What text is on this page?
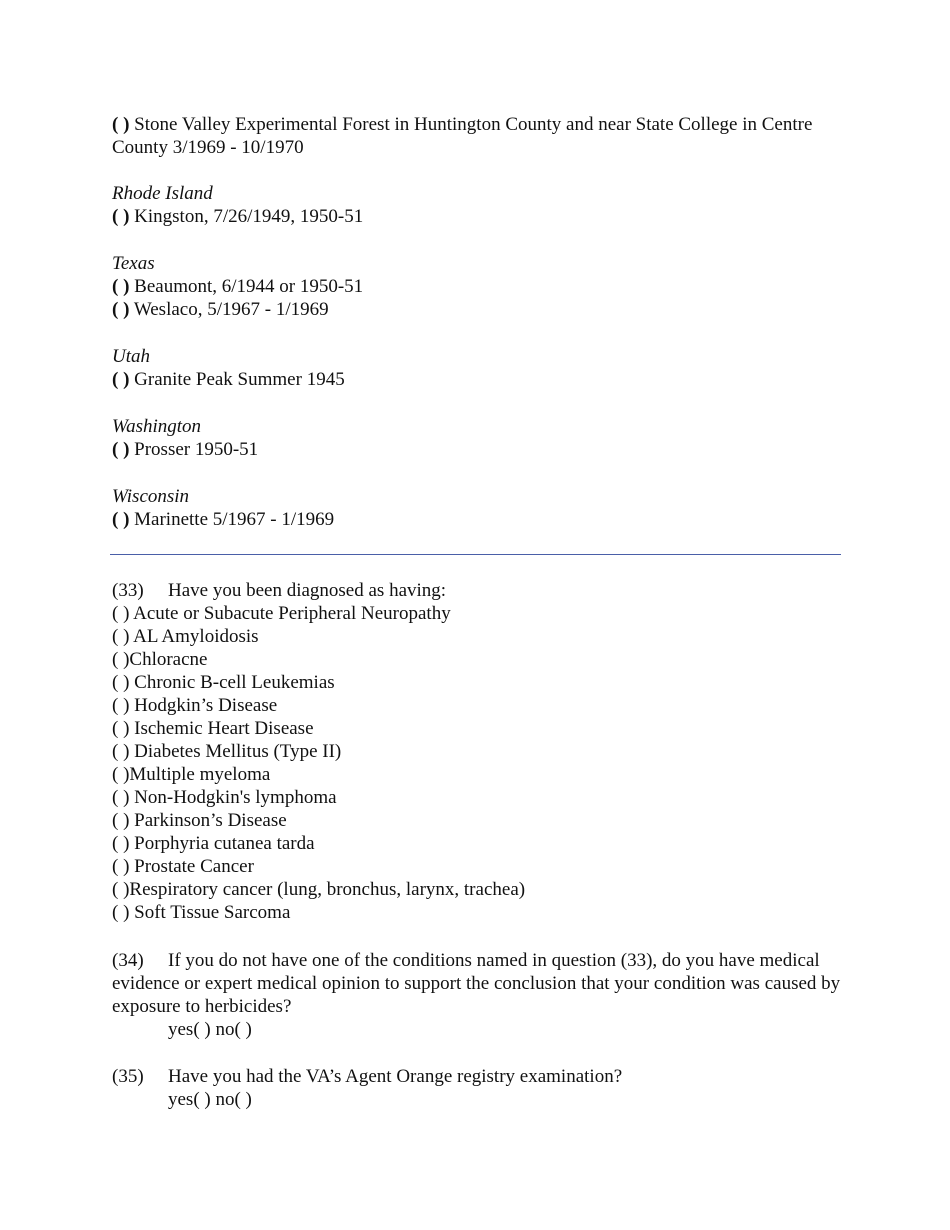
( ) Stone Valley Experimental Forest in Huntington County and near State College in Centre County 3/1969 - 10/1970
Rhode Island
( ) Kingston, 7/26/1949, 1950-51
Texas
( ) Beaumont, 6/1944 or 1950-51
( ) Weslaco, 5/1967 - 1/1969
Utah
( ) Granite Peak Summer 1945
Washington
( ) Prosser 1950-51
Wisconsin
( ) Marinette 5/1967 - 1/1969
(33) Have you been diagnosed as having:
( ) Acute or Subacute Peripheral Neuropathy
( ) AL Amyloidosis
( )Chloracne
( ) Chronic B-cell Leukemias
( ) Hodgkin’s Disease
( ) Ischemic Heart Disease
( ) Diabetes Mellitus (Type II)
( )Multiple myeloma
( ) Non-Hodgkin's lymphoma
( ) Parkinson’s Disease
( ) Porphyria cutanea tarda
( ) Prostate Cancer
( )Respiratory cancer (lung, bronchus, larynx, trachea)
( ) Soft Tissue Sarcoma
(34) If you do not have one of the conditions named in question (33), do you have medical evidence or expert medical opinion to support the conclusion that your condition was caused by exposure to herbicides?
yes( ) no( )
(35) Have you had the VA’s Agent Orange registry examination?
yes( ) no( )
